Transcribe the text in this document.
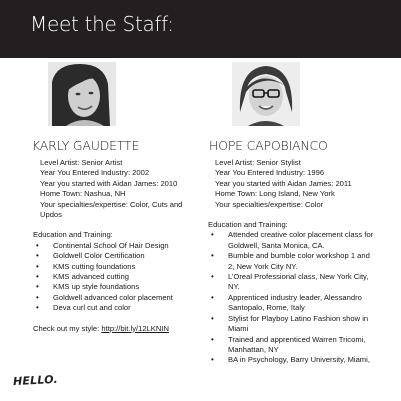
Meet the Staff:
KARLY GAUDETTE	HOPE CAPOBIANCO
Level Artist: Senior Artist
Year You Entered Industry: 2002
Year you started with Aidan James: 2010
Home Town: Nashua, NH
Your specialties/expertise: Color, Cuts and Updos
Education and Training:
• Continental School Of Hair Design
• Goldwell Color Certification
• KMS cutting foundations
• KMS advanced cutting
• KMS up style foundations
• Goldwell advanced color placement
• Deva curl cut and color
Check out my style: http://bit.ly/12LKNIN
Level Artist: Senior Stylist
Year You Entered Industry: 1996
Year you started with Aidan James: 2011
Home Town: Long Island, New York
Your specialties/expertise: Color
Education and Training:
• Attended creative color placement class for Goldwell, Santa Monica, CA.
• Bumble and bumble color workshop 1 and 2, New York City NY.
• L’Oreal Professional class, New York City, NY.
• Apprenticed industry leader, Alessandro Santopalo, Rome, Italy
• Stylist for Playboy Latino Fashion show in Miami
• Trained and apprenticed Warren Tricomi, Manhattan, NY
• BA in Psychology, Barry University, Miami,
HELLO.
